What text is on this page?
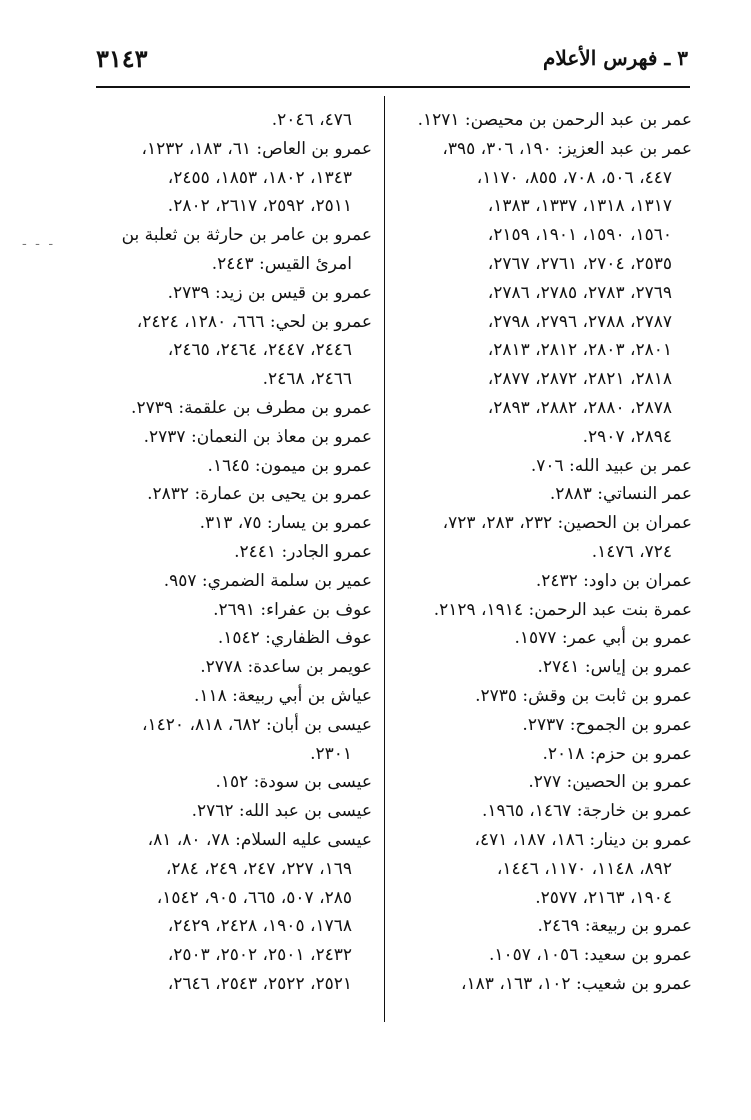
٣١٤٣	٣ ـ فهرس الأعلام
- - -
عمر بن عبد الرحمن بن محيصن: ١٢٧١.
عمر بن عبد العزيز: ١٩٠، ٣٠٦، ٣٩٥،
٤٤٧، ٥٠٦، ٧٠٨، ٨٥٥، ١١٧٠،
١٣١٧، ١٣١٨، ١٣٣٧، ١٣٨٣،
١٥٦٠، ١٥٩٠، ١٩٠١، ٢١٥٩،
٢٥٣٥، ٢٧٠٤، ٢٧٦١، ٢٧٦٧،
٢٧٦٩، ٢٧٨٣، ٢٧٨٥، ٢٧٨٦،
٢٧٨٧، ٢٧٨٨، ٢٧٩٦، ٢٧٩٨،
٢٨٠١، ٢٨٠٣، ٢٨١٢، ٢٨١٣،
٢٨١٨، ٢٨٢١، ٢٨٧٢، ٢٨٧٧،
٢٨٧٨، ٢٨٨٠، ٢٨٨٢، ٢٨٩٣،
٢٨٩٤، ٢٩٠٧.
عمر بن عبيد الله: ٧٠٦.
عمر النساتي: ٢٨٨٣.
عمران بن الحصين: ٢٣٢، ٢٨٣، ٧٢٣،
٧٢٤، ١٤٧٦.
عمران بن داود: ٢٤٣٢.
عمرة بنت عبد الرحمن: ١٩١٤، ٢١٢٩.
عمرو بن أبي عمر: ١٥٧٧.
عمرو بن إياس: ٢٧٤١.
عمرو بن ثابت بن وقش: ٢٧٣٥.
عمرو بن الجموح: ٢٧٣٧.
عمرو بن حزم: ٢٠١٨.
عمرو بن الحصين: ٢٧٧.
عمرو بن خارجة: ١٤٦٧، ١٩٦٥.
عمرو بن دينار: ١٨٦، ١٨٧، ٤٧١،
٨٩٢، ١١٤٨، ١١٧٠، ١٤٤٦،
١٩٠٤، ٢١٦٣، ٢٥٧٧.
عمرو بن ربيعة: ٢٤٦٩.
عمرو بن سعيد: ١٠٥٦، ١٠٥٧.
عمرو بن شعيب: ١٠٢، ١٦٣، ١٨٣،
٤٧٦، ٢٠٤٦.
عمرو بن العاص: ٦١، ١٨٣، ١٢٣٢،
١٣٤٣، ١٨٠٢، ١٨٥٣، ٢٤٥٥،
٢٥١١، ٢٥٩٢، ٢٦١٧، ٢٨٠٢.
عمرو بن عامر بن حارثة بن ثعلبة بن
امرئ القيس: ٢٤٤٣.
عمرو بن قيس بن زيد: ٢٧٣٩.
عمرو بن لحي: ٦٦٦، ١٢٨٠، ٢٤٢٤،
٢٤٤٦، ٢٤٤٧، ٢٤٦٤، ٢٤٦٥،
٢٤٦٦، ٢٤٦٨.
عمرو بن مطرف بن علقمة: ٢٧٣٩.
عمرو بن معاذ بن النعمان: ٢٧٣٧.
عمرو بن ميمون: ١٦٤٥.
عمرو بن يحيى بن عمارة: ٢٨٣٢.
عمرو بن يسار: ٧٥، ٣١٣.
عمرو الجادر: ٢٤٤١.
عمير بن سلمة الضمري: ٩٥٧.
عوف بن عفراء: ٢٦٩١.
عوف الظفاري: ١٥٤٢.
عويمر بن ساعدة: ٢٧٧٨.
عياش بن أبي ربيعة: ١١٨.
عيسى بن أبان: ٦٨٢، ٨١٨، ١٤٢٠،
٢٣٠١.
عيسى بن سودة: ١٥٢.
عيسى بن عبد الله: ٢٧٦٢.
عيسى عليه السلام: ٧٨، ٨٠، ٨١،
١٦٩، ٢٢٧، ٢٤٧، ٢٤٩، ٢٨٤،
٢٨٥، ٥٠٧، ٦٦٥، ٩٠٥، ١٥٤٢،
١٧٦٨، ١٩٠٥، ٢٤٢٨، ٢٤٢٩،
٢٤٣٢، ٢٥٠١، ٢٥٠٢، ٢٥٠٣،
٢٥٢١، ٢٥٢٢، ٢٥٤٣، ٢٦٤٦،
